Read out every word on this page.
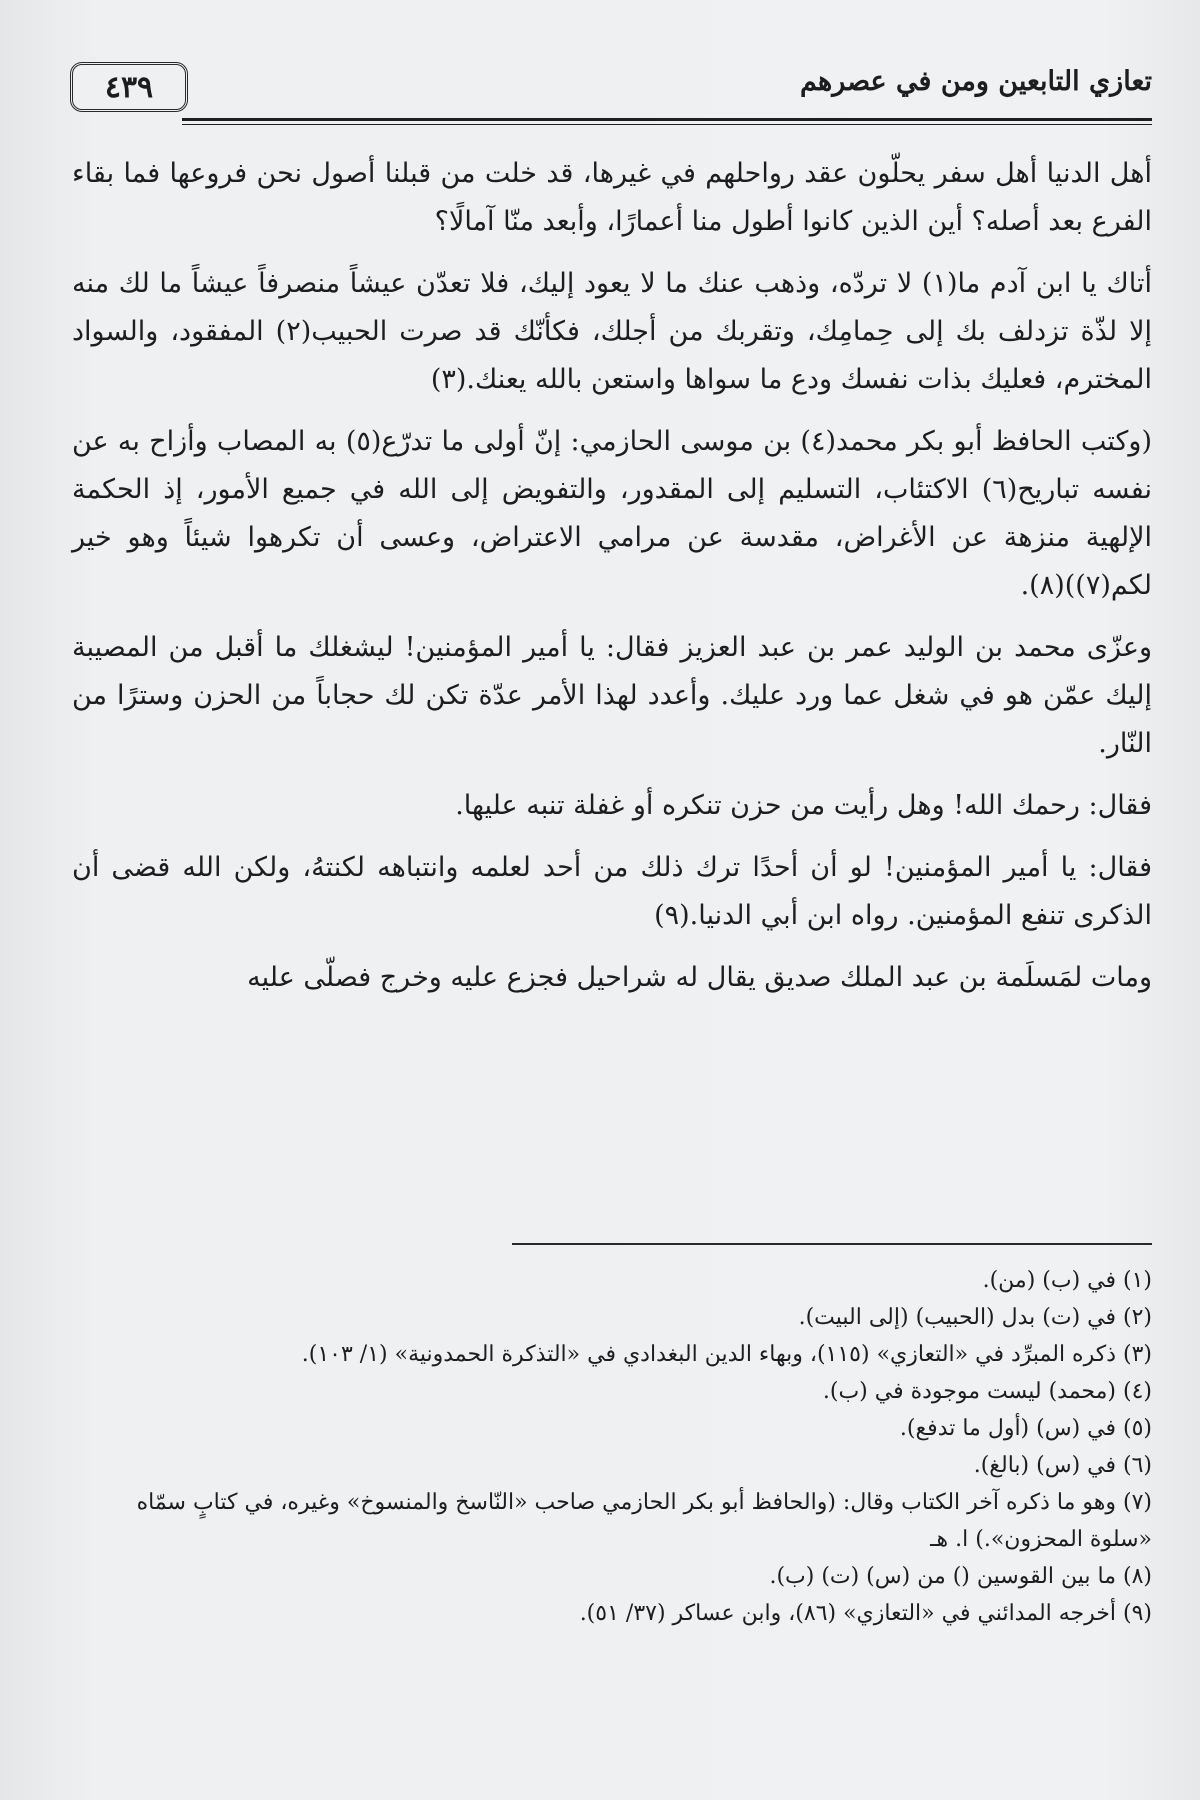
٤٣٩	تعازي التابعين ومن في عصرهم

أهل الدنيا أهل سفر يحلّون عقد رواحلهم في غيرها، قد خلت من قبلنا أصول نحن فروعها فما بقاء الفرع بعد أصله؟ أين الذين كانوا أطول منا أعمارًا، وأبعد منّا آمالًا؟

أتاك يا ابن آدم ما(١) لا تردّه، وذهب عنك ما لا يعود إليك، فلا تعدّن عيشاً منصرفاً عيشاً ما لك منه إلا لذّة تزدلف بك إلى حِمامِك، وتقربك من أجلك، فكأنّك قد صرت الحبيب(٢) المفقود، والسواد المخترم، فعليك بذات نفسك ودع ما سواها واستعن بالله يعنك.(٣)

(وكتب الحافظ أبو بكر محمد(٤) بن موسى الحازمي: إنّ أولى ما تدرّع(٥) به المصاب وأزاح به عن نفسه تباريح(٦) الاكتئاب، التسليم إلى المقدور، والتفويض إلى الله في جميع الأمور، إذ الحكمة الإلهية منزهة عن الأغراض، مقدسة عن مرامي الاعتراض، وعسى أن تكرهوا شيئاً وهو خير لكم(٧))(٨).

وعزّى محمد بن الوليد عمر بن عبد العزيز فقال: يا أمير المؤمنين! ليشغلك ما أقبل من المصيبة إليك عمّن هو في شغل عما ورد عليك. وأعدد لهذا الأمر عدّة تكن لك حجاباً من الحزن وسترًا من النّار.

فقال: رحمك الله! وهل رأيت من حزن تنكره أو غفلة تنبه عليها.

فقال: يا أمير المؤمنين! لو أن أحدًا ترك ذلك من أحد لعلمه وانتباهه لكنتهُ، ولكن الله قضى أن الذكرى تنفع المؤمنين. رواه ابن أبي الدنيا.(٩)

ومات لمَسلَمة بن عبد الملك صديق يقال له شراحيل فجزع عليه وخرج فصلّى عليه

(١) في (ب) (من).
(٢) في (ت) بدل (الحبيب) (إلى البيت).
(٣) ذكره المبرِّد في «التعازي» (١١٥)، وبهاء الدين البغدادي في «التذكرة الحمدونية» (١/ ١٠٣).
(٤) (محمد) ليست موجودة في (ب).
(٥) في (س) (أول ما تدفع).
(٦) في (س) (بالغ).
(٧) وهو ما ذكره آخر الكتاب وقال: (والحافظ أبو بكر الحازمي صاحب «النّاسخ والمنسوخ» وغيره، في كتابٍ سمّاه «سلوة المحزون».) ا. هـ
(٨) ما بين القوسين () من (س) (ت) (ب).
(٩) أخرجه المدائني في «التعازي» (٨٦)، وابن عساكر (٣٧/ ٥١).
